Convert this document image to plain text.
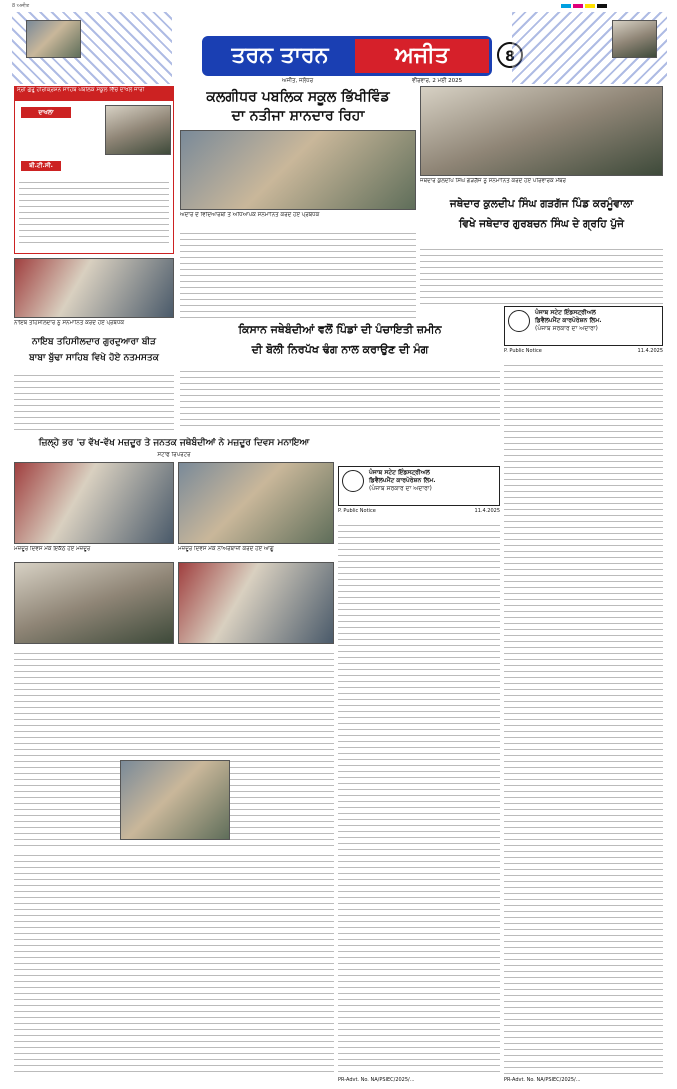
8 ਅਜੀਤ
ਤਰਨ ਤਾਰਨ	ਅਜੀਤ
ਅਜੀਤ, ਜਲੰਧਰ	ਵੀਰਵਾਰ, 2 ਮਈ 2025
8
ਸ੍ਰੀ ਗੁਰੂ ਹਰਿਕ੍ਰਿਸ਼ਨ ਸਾਹਿਬ ਪਬਲਿਕ ਸਕੂਲ ਵਿੱਚ ਦਾਖਲੇ ਜਾਰੀ
ਦਾਖਲਾ
ਬੀ.ਟੀ.ਸੀ.
ਕਲਗੀਧਰ ਪਬਲਿਕ ਸਕੂਲ ਭਿੱਖੀਵਿੰਡ
ਦਾ ਨਤੀਜਾ ਸ਼ਾਨਦਾਰ ਰਿਹਾ
ਅਦਾਰੇ ਦੇ ਵਿਦਿਆਰਥੀ ਤੇ ਅਧਿਆਪਕ ਸਨਮਾਨਿਤ ਕਰਦੇ ਹੋਏ ਪ੍ਰਬੰਧਕ
ਜਥੇਦਾਰ ਕੁਲਦੀਪ ਸਿੰਘ ਗੜਗੱਜ ਨੂੰ ਸਨਮਾਨਿਤ ਕਰਦੇ ਹੋਏ ਪਰਿਵਾਰਕ ਮੈਂਬਰ
ਜਥੇਦਾਰ ਕੁਲਦੀਪ ਸਿੰਘ ਗੜਗੱਜ ਪਿੰਡ ਕਰਮੂੰਵਾਲਾ
ਵਿਖੇ ਜਥੇਦਾਰ ਗੁਰਬਚਨ ਸਿੰਘ ਦੇ ਗ੍ਰਹਿ ਪੁੱਜੇ
ਨਾਇਬ ਤਹਿਸੀਲਦਾਰ ਨੂੰ ਸਨਮਾਨਿਤ ਕਰਦੇ ਹੋਏ ਪ੍ਰਬੰਧਕ
ਨਾਇਬ ਤਹਿਸੀਲਦਾਰ ਗੁਰਦੁਆਰਾ ਬੀੜ
ਬਾਬਾ ਬੁੱਢਾ ਸਾਹਿਬ ਵਿਖੇ ਹੋਏ ਨਤਮਸਤਕ
ਕਿਸਾਨ ਜਥੇਬੰਦੀਆਂ ਵਲੋਂ ਪਿੰਡਾਂ ਦੀ ਪੰਚਾਇਤੀ ਜ਼ਮੀਨ
ਦੀ ਬੋਲੀ ਨਿਰਪੱਖ ਢੰਗ ਨਾਲ ਕਰਾਉਣ ਦੀ ਮੰਗ
ਪੰਜਾਬ ਸਟੇਟ ਇੰਡਸਟ੍ਰੀਅਲ
ਡਿਵੈਲਪਮੈਂਟ ਕਾਰਪੋਰੇਸ਼ਨ ਲਿਮ.
(ਪੰਜਾਬ ਸਰਕਾਰ ਦਾ ਅਦਾਰਾ)
P. Public Notice	11.4.2025
ਜ਼ਿਲ੍ਹੇ ਭਰ 'ਚ ਵੱਖ-ਵੱਖ ਮਜ਼ਦੂਰ ਤੇ ਜਨਤਕ ਜਥੇਬੰਦੀਆਂ ਨੇ ਮਜ਼ਦੂਰ ਦਿਵਸ ਮਨਾਇਆ
ਸਟਾਫ ਰਿਪੋਰਟਰ
ਮਜ਼ਦੂਰ ਦਿਵਸ ਮੌਕੇ ਇਕੱਠੇ ਹੋਏ ਮਜ਼ਦੂਰ	ਮਜ਼ਦੂਰ ਦਿਵਸ ਮੌਕੇ ਨਾਅਰੇਬਾਜ਼ੀ ਕਰਦੇ ਹੋਏ ਆਗੂ
ਪੰਜਾਬ ਸਟੇਟ ਇੰਡਸਟ੍ਰੀਅਲ
ਡਿਵੈਲਪਮੈਂਟ ਕਾਰਪੋਰੇਸ਼ਨ ਲਿਮ.
(ਪੰਜਾਬ ਸਰਕਾਰ ਦਾ ਅਦਾਰਾ)
P. Public Notice	11.4.2025
PR-Advt. No. NA/PSIEC/2025/...	PR-Advt. No. NA/PSIEC/2025/...
